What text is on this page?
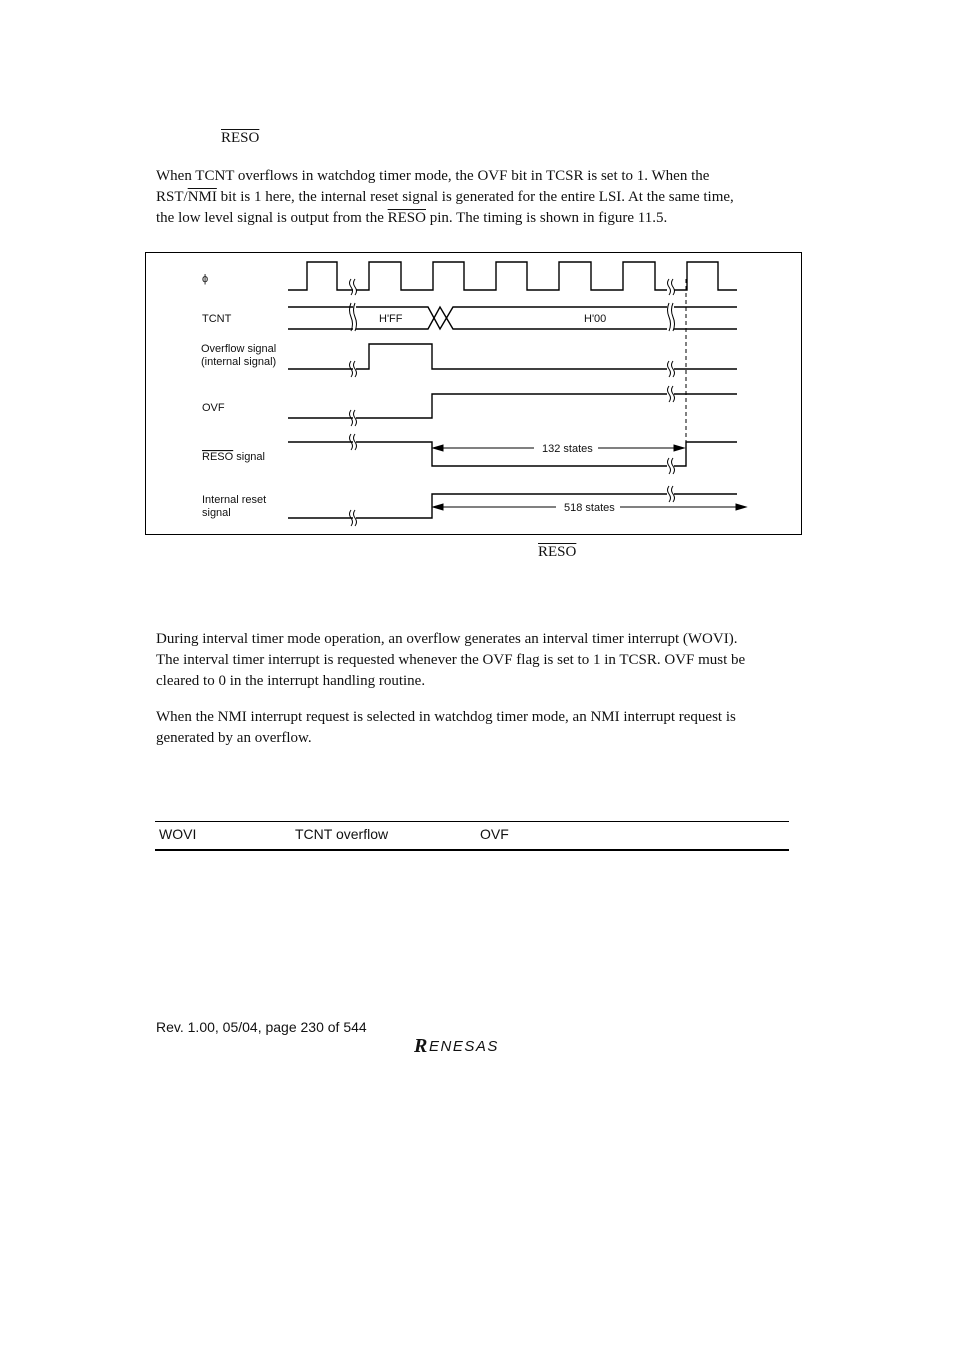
RESO

When TCNT overflows in watchdog timer mode, the OVF bit in TCSR is set to 1. When the
RST/$\overline{NMI}$ bit is 1 here, the internal reset signal is generated for the entire LSI. At the same time,
the low level signal is output from the RESO pin. The timing is shown in figure 11.5.

ϕ
TCNT
Overflow signal
(internal signal)
OVF
RESO signal
Internal reset
signal
H'FF	H'00
132 states
518 states
RESO

During interval timer mode operation, an overflow generates an interval timer interrupt (WOVI).
The interval timer interrupt is requested whenever the OVF flag is set to 1 in TCSR. OVF must be
cleared to 0 in the interrupt handling routine.

When the NMI interrupt request is selected in watchdog timer mode, an NMI interrupt request is
generated by an overflow.

WOVI	TCNT overflow	OVF
Rev. 1.00, 05/04, page 230 of 544
R ENESAS
